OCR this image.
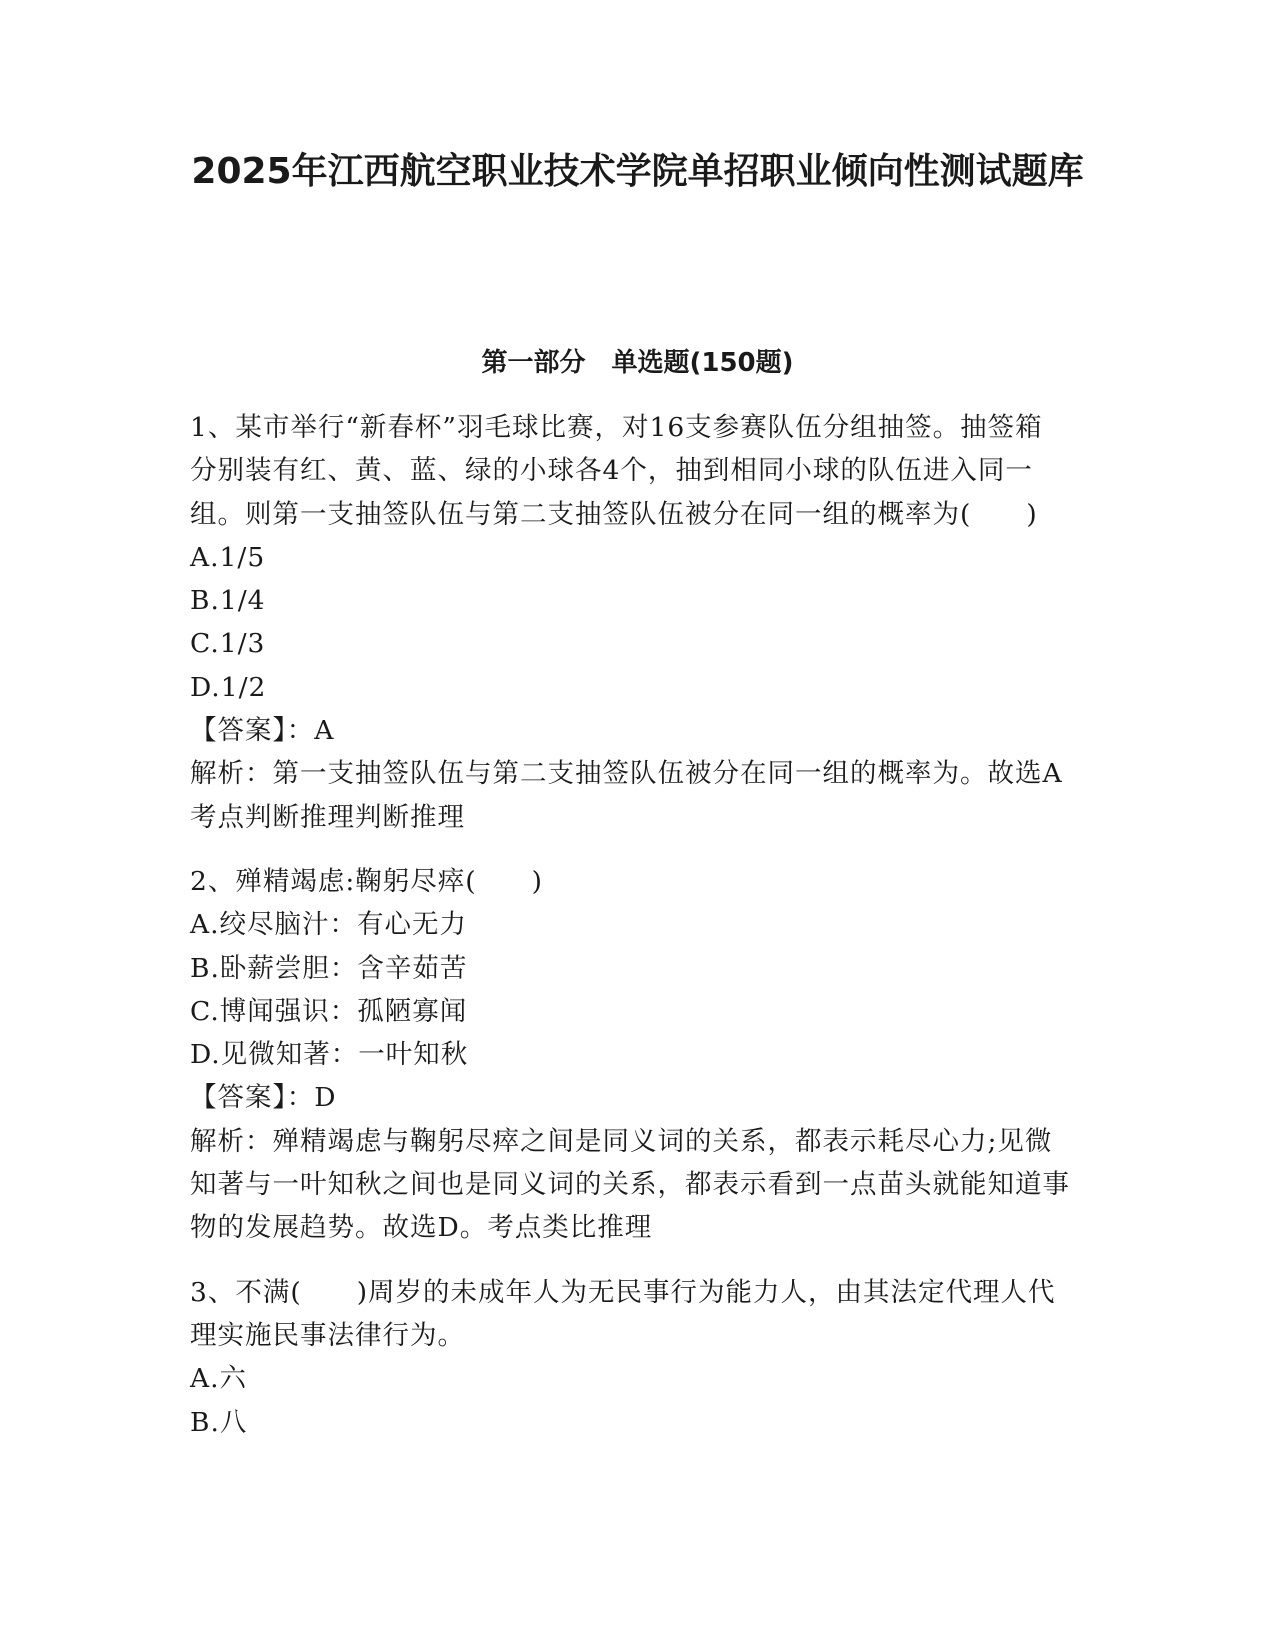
2025年江西航空职业技术学院单招职业倾向性测试题库
第一部分　单选题(150题)

1、某市举行“新春杯”羽毛球比赛，对16支参赛队伍分组抽签。抽签箱分别装有红、黄、蓝、绿的小球各4个，抽到相同小球的队伍进入同一组。则第一支抽签队伍与第二支抽签队伍被分在同一组的概率为(　　)

A.1/5

B.1/4

C.1/3

D.1/2

【答案】：A

解析：第一支抽签队伍与第二支抽签队伍被分在同一组的概率为。故选A考点判断推理判断推理

2、殚精竭虑:鞠躬尽瘁(　　)

A.绞尽脑汁：有心无力

B.卧薪尝胆：含辛茹苦

C.博闻强识：孤陋寡闻

D.见微知著：一叶知秋

【答案】：D

解析：殚精竭虑与鞠躬尽瘁之间是同义词的关系，都表示耗尽心力;见微知著与一叶知秋之间也是同义词的关系，都表示看到一点苗头就能知道事物的发展趋势。故选D。考点类比推理

3、不满(　　)周岁的未成年人为无民事行为能力人，由其法定代理人代理实施民事法律行为。

A.六

B.八
